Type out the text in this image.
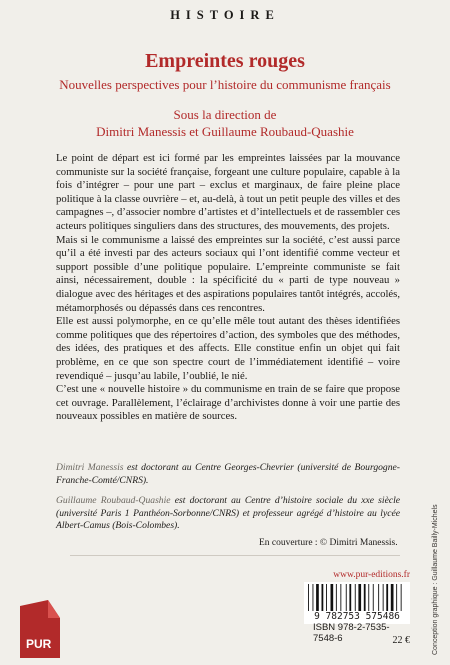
HISTOIRE
Empreintes rouges
Nouvelles perspectives pour l’histoire du communisme français
Sous la direction de
Dimitri Manessis et Guillaume Roubaud-Quashie

Le point de départ est ici formé par les empreintes laissées par la mouvance communiste sur la société française, forgeant une culture populaire, capable à la fois d’intégrer – pour une part – exclus et marginaux, de faire pleine place politique à la classe ouvrière – et, au-delà, à tout un petit peuple des villes et des campagnes –, d’associer nombre d’artistes et d’intellectuels et de rassembler ces acteurs politiques singuliers dans des structures, des mouvements, des projets.

Mais si le communisme a laissé des empreintes sur la société, c’est aussi parce qu’il a été investi par des acteurs sociaux qui l’ont identifié comme vecteur et support possible d’une politique populaire. L’empreinte communiste se fait ainsi, nécessairement, double : la spécificité du « parti de type nouveau » dialogue avec des héritages et des aspirations populaires tantôt intégrés, accolés, métamorphosés ou dépassés dans ces rencontres.

Elle est aussi polymorphe, en ce qu’elle mêle tout autant des thèses identifiées comme politiques que des répertoires d’action, des symboles que des méthodes, des idées, des pratiques et des affects. Elle constitue enfin un objet qui fait problème, en ce que son spectre court de l’immédiatement identifié – voire revendiqué – jusqu’au labile, l’oublié, le nié.

C’est une « nouvelle histoire » du communisme en train de se faire que propose cet ouvrage. Parallèlement, l’éclairage d’archivistes donne à voir une partie des nouveaux possibles en matière de sources.

Dimitri Manessis est doctorant au Centre Georges-Chevrier (université de Bourgogne-Franche-Comté/CNRS).

Guillaume Roubaud-Quashie est doctorant au Centre d’histoire sociale du xxe siècle (université Paris 1 Panthéon-Sorbonne/CNRS) et professeur agrégé d’histoire au lycée Albert-Camus (Bois-Colombes).

En couverture : © Dimitri Manessis.
www.pur-editions.fr
PUR
9 782753 575486
ISBN 978-2-7535-7548-6	22 €	Conception graphique : Guillaume Bailly-Michels
